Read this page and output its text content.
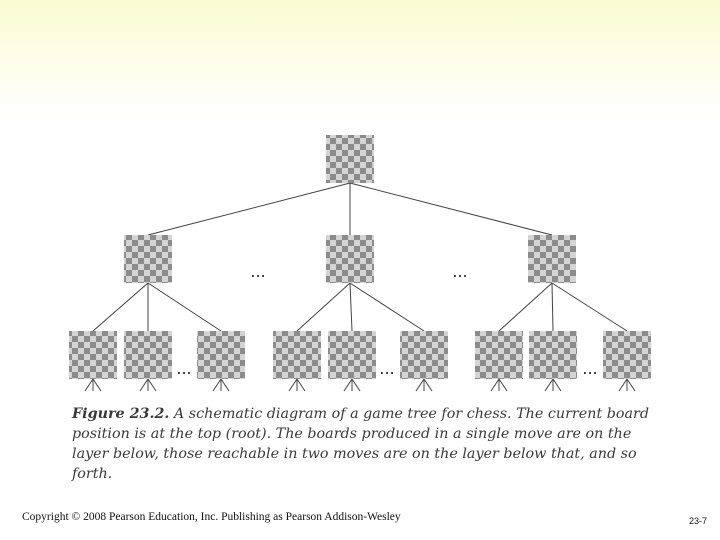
...	...
...	...	...
Figure 23.2. A schematic diagram of a game tree for chess. The current board position is at the top (root). The boards produced in a single move are on the layer below, those reachable in two moves are on the layer below that, and so forth.
Copyright © 2008 Pearson Education, Inc. Publishing as Pearson Addison-Wesley	23-7
